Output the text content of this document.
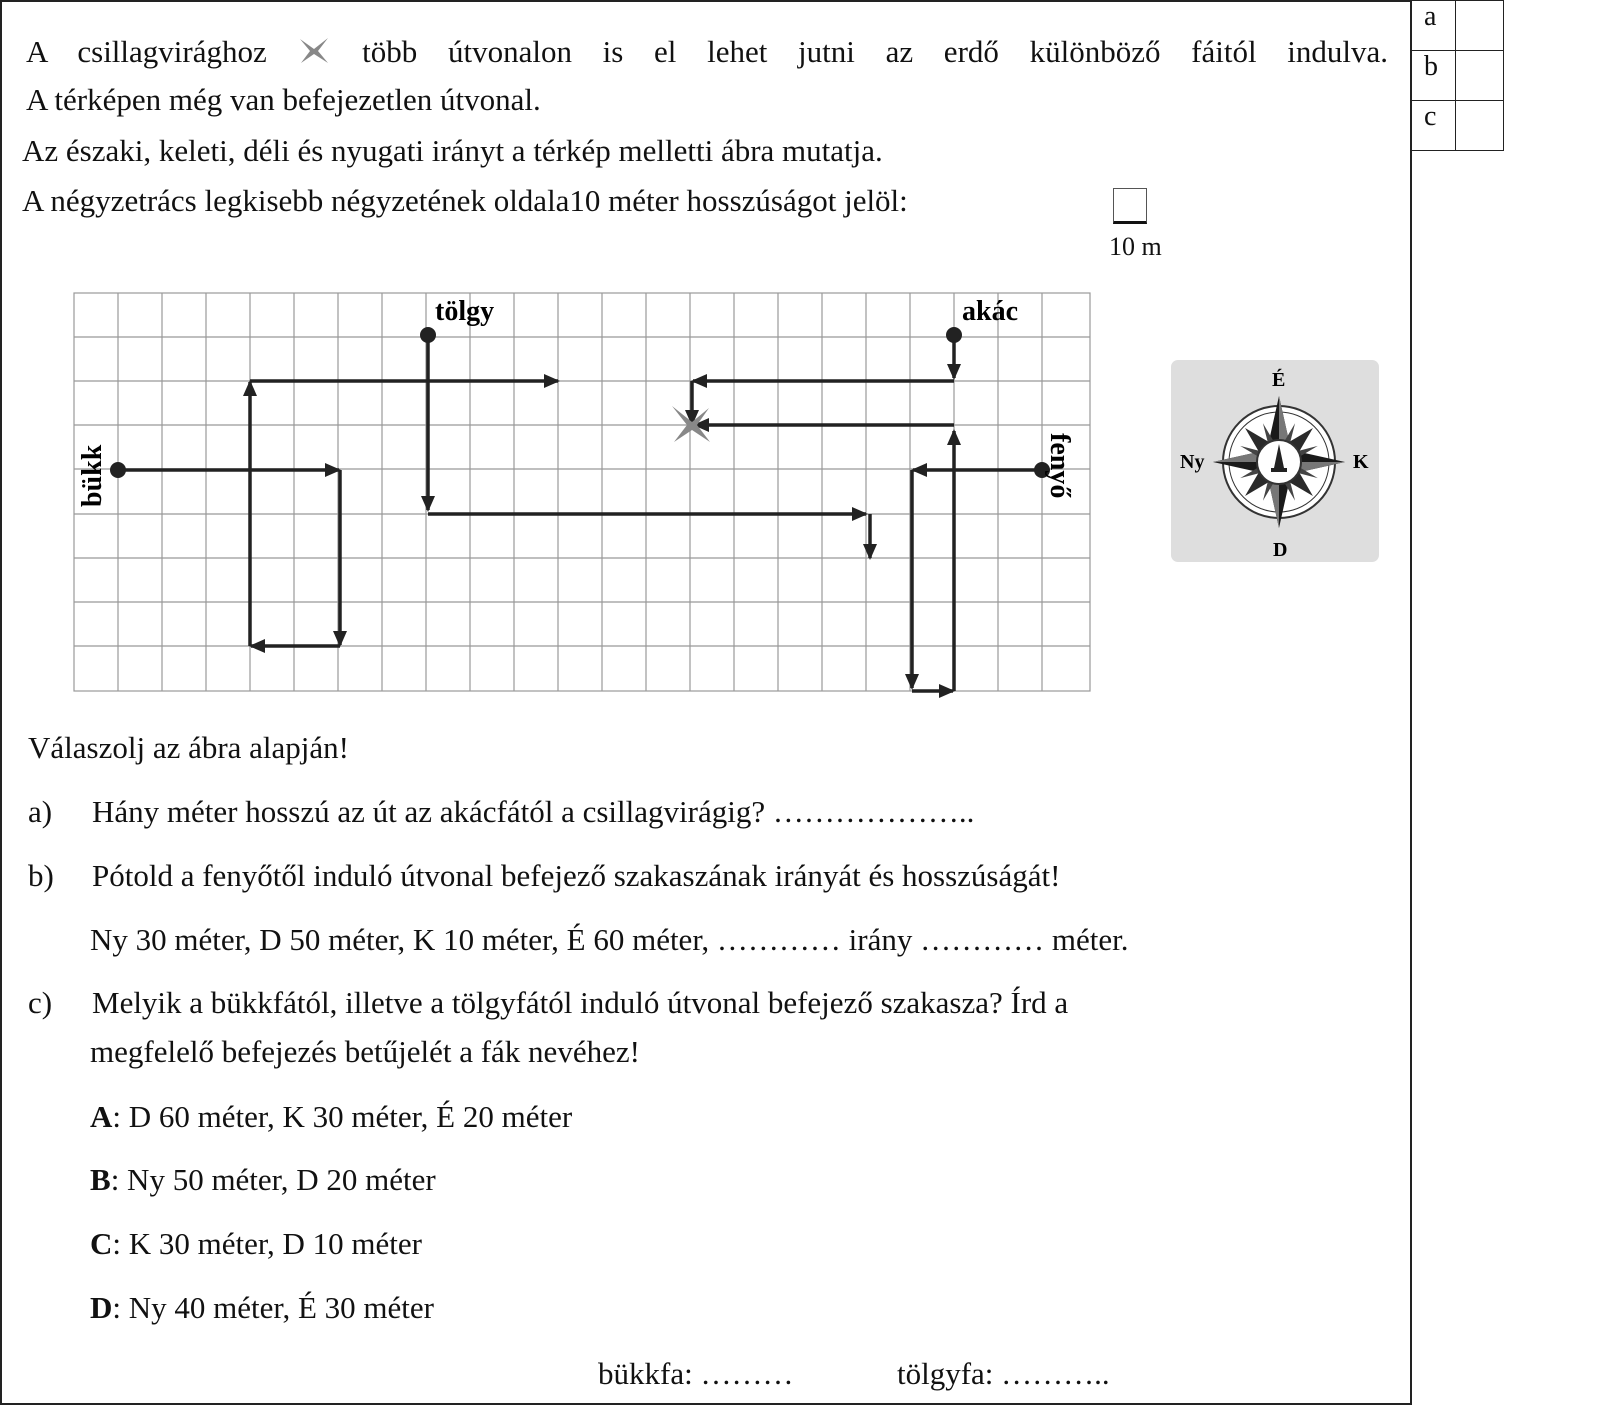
a	
b	
c	
A csillagvirághoz	több útvonalon is el lehet jutni az erdő különböző fáitól indulva.
A térképen még van befejezetlen útvonal.
Az északi, keleti, déli és nyugati irányt a térkép melletti ábra mutatja.
A négyzetrács legkisebb négyzetének oldala10 méter hosszúságot jelöl:
10 m
tölgy	akác
bükk	fenyő
É
K
D
Ny
Válaszolj az ábra alapján!
a) Hány méter hosszú az út az akácfától a csillagvirágig? ………………..
b) Pótold a fenyőtől induló útvonal befejező szakaszának irányát és hosszúságát!
Ny 30 méter, D 50 méter, K 10 méter, É 60 méter, ………… irány ………… méter.
c) Melyik a bükkfától, illetve a tölgyfától induló útvonal befejező szakasza? Írd a
megfelelő befejezés betűjelét a fák nevéhez!
A: D 60 méter, K 30 méter, É 20 méter
B: Ny 50 méter, D 20 méter
C: K 30 méter, D 10 méter
D: Ny 40 méter, É 30 méter
bükkfa: ………	tölgyfa: ………..
